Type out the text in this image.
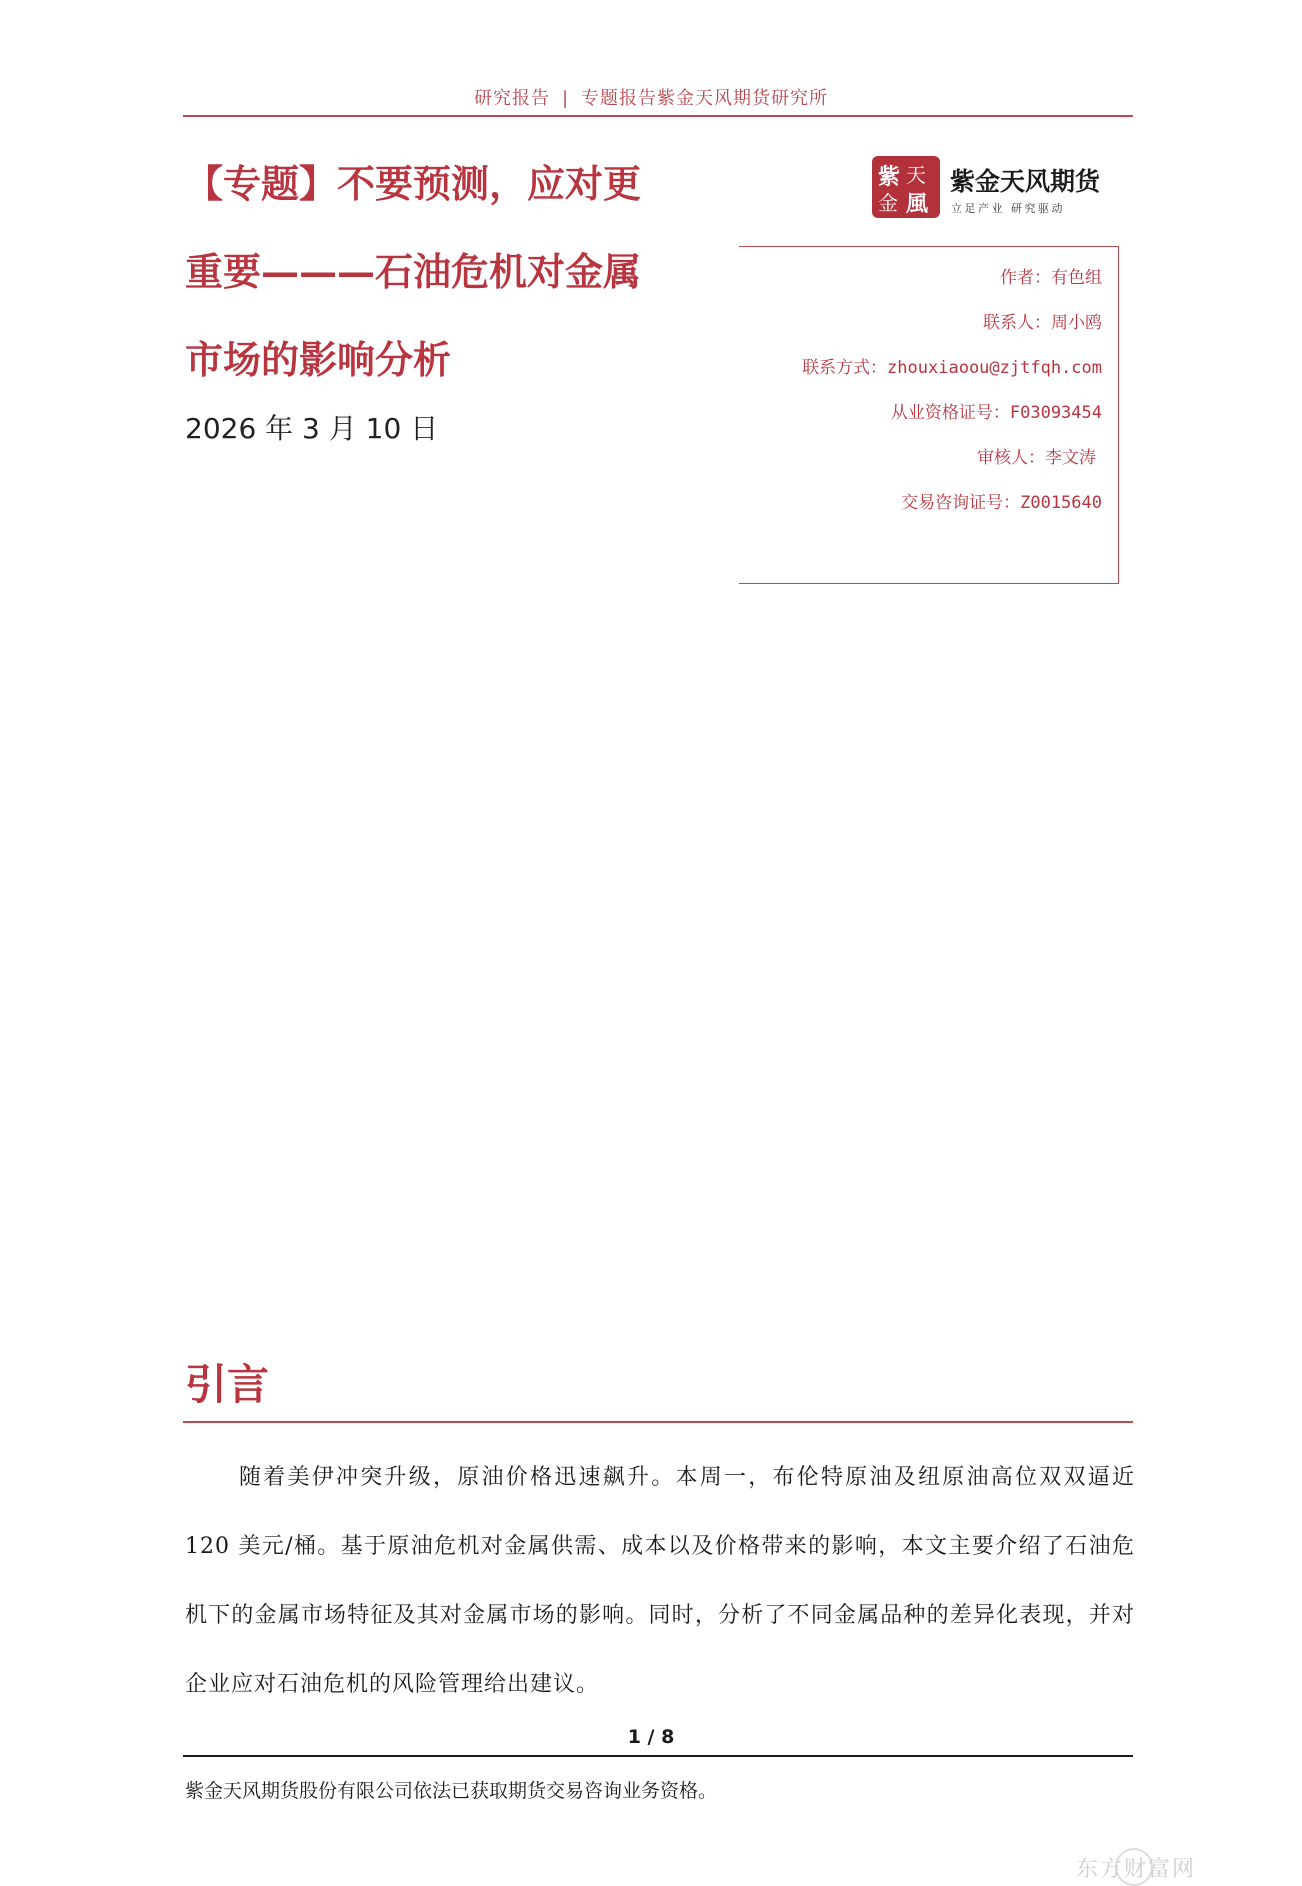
研究报告 | 专题报告紫金天风期货研究所
【专题】不要预测，应对更
重要———石油危机对金属
市场的影响分析
2026 年 3 月 10 日
紫 天
金 風
紫金天风期货
立足产业 研究驱动
作者：有色组
联系人：周小鸥
联系方式：zhouxiaoou@zjtfqh.com
从业资格证号：F03093454
审核人：李文涛
交易咨询证号：Z0015640
引言
随着美伊冲突升级，原油价格迅速飙升。本周一，布伦特原油及纽原油高位双双逼近 120 美元/桶。基于原油危机对金属供需、成本以及价格带来的影响，本文主要介绍了石油危机下的金属市场特征及其对金属市场的影响。同时，分析了不同金属品种的差异化表现，并对企业应对石油危机的风险管理给出建议。
1 / 8
紫金天风期货股份有限公司依法已获取期货交易咨询业务资格。
东方财富网
